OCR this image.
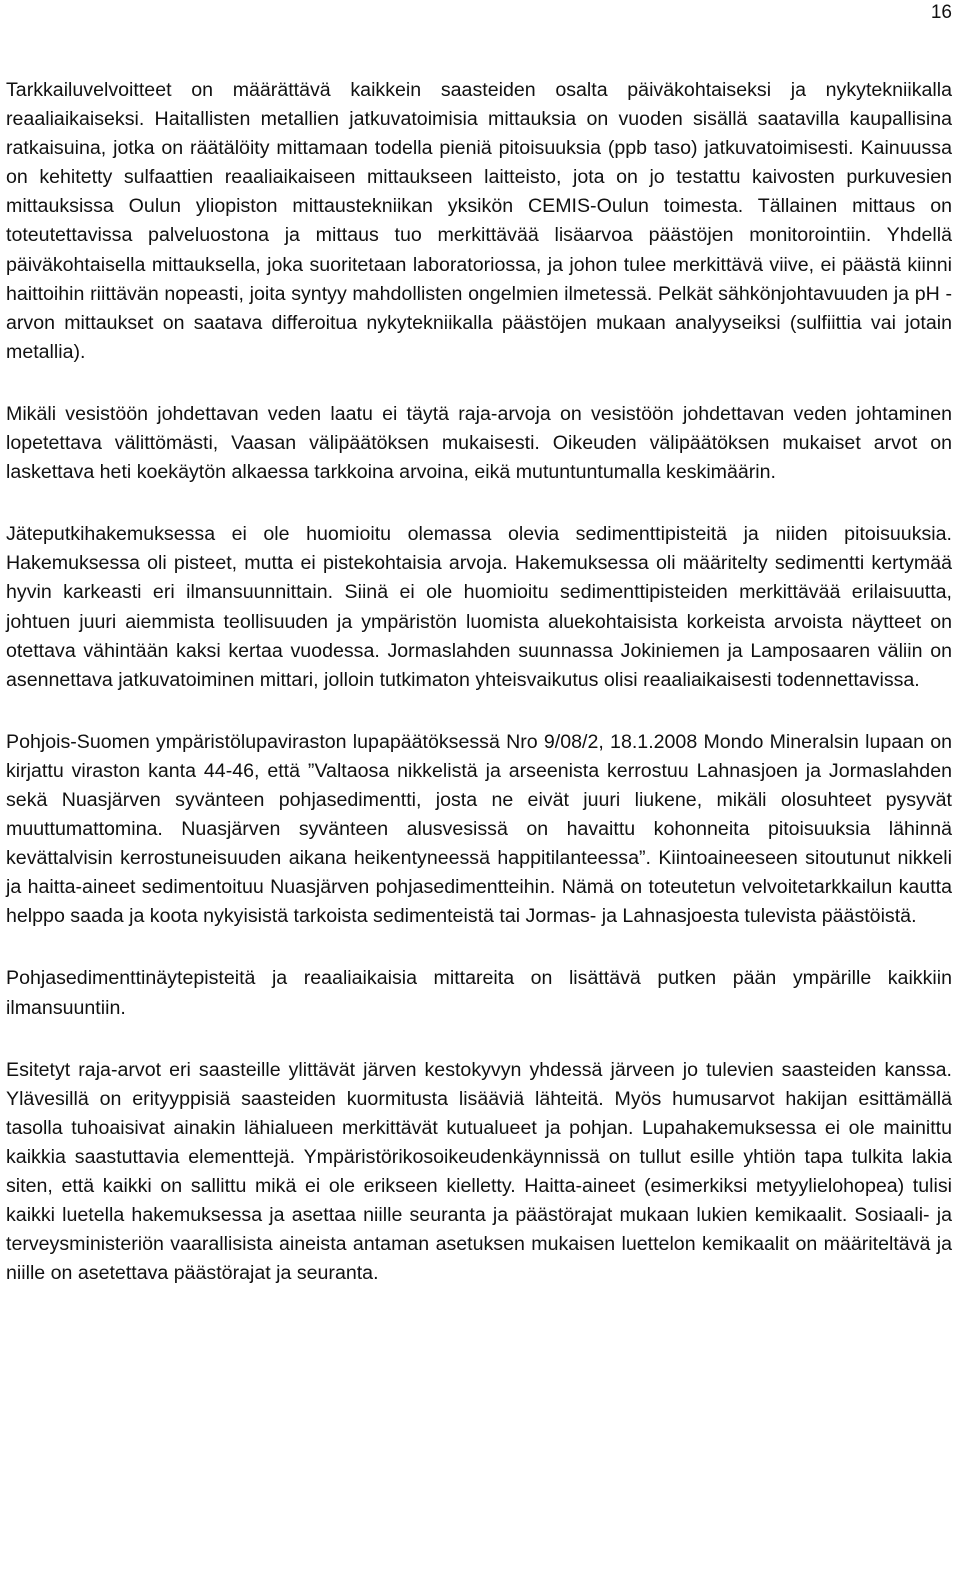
16

Tarkkailuvelvoitteet on määrättävä kaikkein saasteiden osalta päiväkohtaiseksi ja nykytekniikalla reaaliaikaiseksi. Haitallisten metallien jatkuvatoimisia mittauksia on vuoden sisällä saatavilla kaupallisina ratkaisuina, jotka on räätälöity mittamaan todella pieniä pitoisuuksia (ppb taso) jatkuvatoimisesti. Kainuussa on kehitetty sulfaattien reaaliaikaiseen mittaukseen laitteisto, jota on jo testattu kaivosten purkuvesien mittauksissa Oulun yliopiston mittaustekniikan yksikön CEMIS-Oulun toimesta. Tällainen mittaus on toteutettavissa palveluostona ja mittaus tuo merkittävää lisäarvoa päästöjen monitorointiin. Yhdellä päiväkohtaisella mittauksella, joka suoritetaan laboratoriossa, ja johon tulee merkittävä viive, ei päästä kiinni haittoihin riittävän nopeasti, joita syntyy mahdollisten ongelmien ilmetessä. Pelkät sähkönjohtavuuden ja pH -arvon mittaukset on saatava differoitua nykytekniikalla päästöjen mukaan analyyseiksi (sulfiittia vai jotain metallia).

Mikäli vesistöön johdettavan veden laatu ei täytä raja-arvoja on vesistöön johdettavan veden johtaminen lopetettava välittömästi, Vaasan välipäätöksen mukaisesti. Oikeuden välipäätöksen mukaiset arvot on laskettava heti koekäytön alkaessa tarkkoina arvoina, eikä mutuntuntumalla keskimäärin.

Jäteputkihakemuksessa ei ole huomioitu olemassa olevia sedimenttipisteitä ja niiden pitoisuuksia. Hakemuksessa oli pisteet, mutta ei pistekohtaisia arvoja. Hakemuksessa oli määritelty sedimentti kertymää hyvin karkeasti eri ilmansuunnittain. Siinä ei ole huomioitu sedimenttipisteiden merkittävää erilaisuutta, johtuen juuri aiemmista teollisuuden ja ympäristön luomista aluekohtaisista korkeista arvoista näytteet on otettava vähintään kaksi kertaa vuodessa. Jormaslahden suunnassa Jokiniemen ja Lamposaaren väliin on asennettava jatkuvatoiminen mittari, jolloin tutkimaton yhteisvaikutus olisi reaaliaikaisesti todennettavissa.

Pohjois-Suomen ympäristölupaviraston lupapäätöksessä Nro 9/08/2, 18.1.2008 Mondo Mineralsin lupaan on kirjattu viraston kanta 44-46, että ”Valtaosa nikkelistä ja arseenista kerrostuu Lahnasjoen ja Jormaslahden sekä Nuasjärven syvänteen pohjasedimentti, josta ne eivät juuri liukene, mikäli olosuhteet pysyvät muuttumattomina. Nuasjärven syvänteen alusvesissä on havaittu kohonneita pitoisuuksia lähinnä kevättalvisin kerrostuneisuuden aikana heikentyneessä happitilanteessa”. Kiintoaineeseen sitoutunut nikkeli ja haitta-aineet sedimentoituu Nuasjärven pohjasedimentteihin. Nämä on toteutetun velvoitetarkkailun kautta helppo saada ja koota nykyisistä tarkoista sedimenteistä tai Jormas- ja Lahnasjoesta tulevista päästöistä.

Pohjasedimenttinäytepisteitä ja reaaliaikaisia mittareita on lisättävä putken pään ympärille kaikkiin ilmansuuntiin.

Esitetyt raja-arvot eri saasteille ylittävät järven kestokyvyn yhdessä järveen jo tulevien saasteiden kanssa. Ylävesillä on erityyppisiä saasteiden kuormitusta lisääviä lähteitä. Myös humusarvot hakijan esittämällä tasolla tuhoaisivat ainakin lähialueen merkittävät kutualueet ja pohjan. Lupahakemuksessa ei ole mainittu kaikkia saastuttavia elementtejä. Ympäristörikosoikeudenkäynnissä on tullut esille yhtiön tapa tulkita lakia siten, että kaikki on sallittu mikä ei ole erikseen kielletty. Haitta-aineet (esimerkiksi metyylielohopea) tulisi kaikki luetella hakemuksessa ja asettaa niille seuranta ja päästörajat mukaan lukien kemikaalit. Sosiaali- ja terveysministeriön vaarallisista aineista antaman asetuksen mukaisen luettelon kemikaalit on määriteltävä ja niille on asetettava päästörajat ja seuranta.
